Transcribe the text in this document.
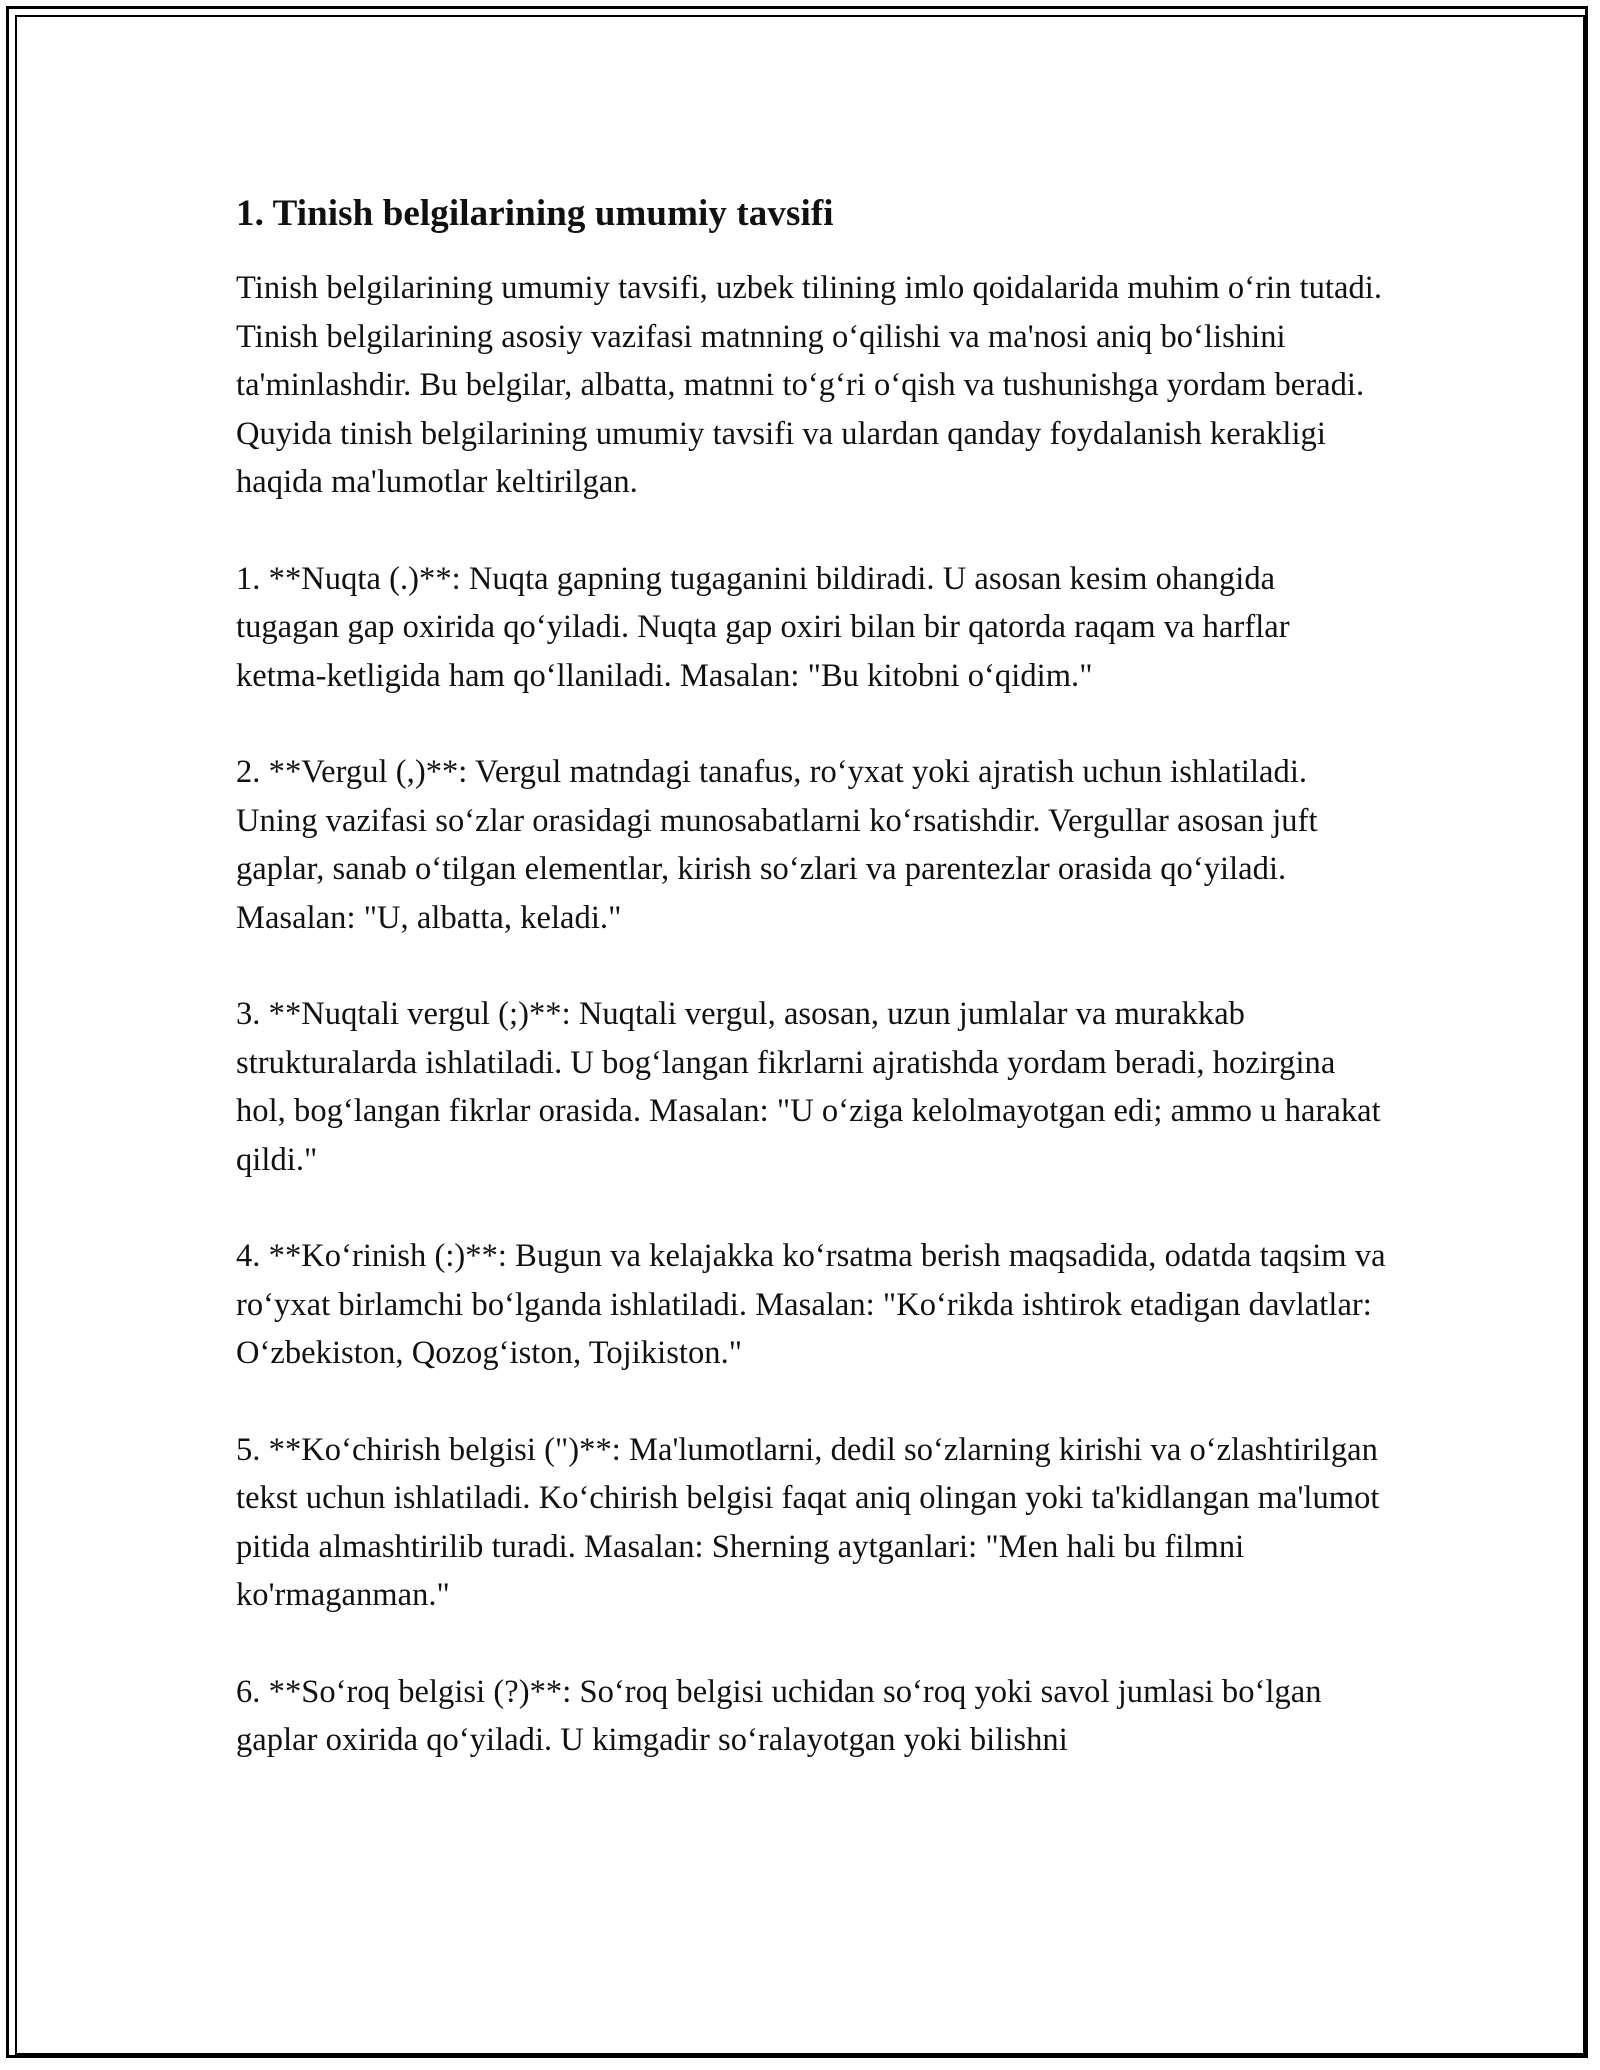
1. Tinish belgilarining umumiy tavsifi

Tinish belgilarining umumiy tavsifi, uzbek tilining imlo qoidalarida muhim o‘rin tutadi. Tinish belgilarining asosiy vazifasi matnning o‘qilishi va ma'nosi aniq bo‘lishini ta'minlashdir. Bu belgilar, albatta, matnni to‘g‘ri o‘qish va tushunishga yordam beradi. Quyida tinish belgilarining umumiy tavsifi va ulardan qanday foydalanish kerakligi haqida ma'lumotlar keltirilgan.

1. **Nuqta (.)**: Nuqta gapning tugaganini bildiradi. U asosan kesim ohangida tugagan gap oxirida qo‘yiladi. Nuqta gap oxiri bilan bir qatorda raqam va harflar ketma-ketligida ham qo‘llaniladi. Masalan: "Bu kitobni o‘qidim."

2. **Vergul (,)**: Vergul matndagi tanafus, ro‘yxat yoki ajratish uchun ishlatiladi. Uning vazifasi so‘zlar orasidagi munosabatlarni ko‘rsatishdir. Vergullar asosan juft gaplar, sanab o‘tilgan elementlar, kirish so‘zlari va parentezlar orasida qo‘yiladi. Masalan: "U, albatta, keladi."

3. **Nuqtali vergul (;)**: Nuqtali vergul, asosan, uzun jumlalar va murakkab strukturalarda ishlatiladi. U bog‘langan fikrlarni ajratishda yordam beradi, hozirgina hol, bog‘langan fikrlar orasida. Masalan: "U o‘ziga kelolmayotgan edi; ammo u harakat qildi."

4. **Ko‘rinish (:)**: Bugun va kelajakka ko‘rsatma berish maqsadida, odatda taqsim va ro‘yxat birlamchi bo‘lganda ishlatiladi. Masalan: "Ko‘rikda ishtirok etadigan davlatlar: O‘zbekiston, Qozog‘iston, Tojikiston."

5. **Ko‘chirish belgisi (")**: Ma'lumotlarni, dedil so‘zlarning kirishi va o‘zlashtirilgan tekst uchun ishlatiladi. Ko‘chirish belgisi faqat aniq olingan yoki ta'kidlangan ma'lumot pitida almashtirilib turadi. Masalan: Sherning aytganlari: "Men hali bu filmni ko'rmaganman."

6. **So‘roq belgisi (?)**: So‘roq belgisi uchidan so‘roq yoki savol jumlasi bo‘lgan gaplar oxirida qo‘yiladi. U kimgadir so‘ralayotgan yoki bilishni
